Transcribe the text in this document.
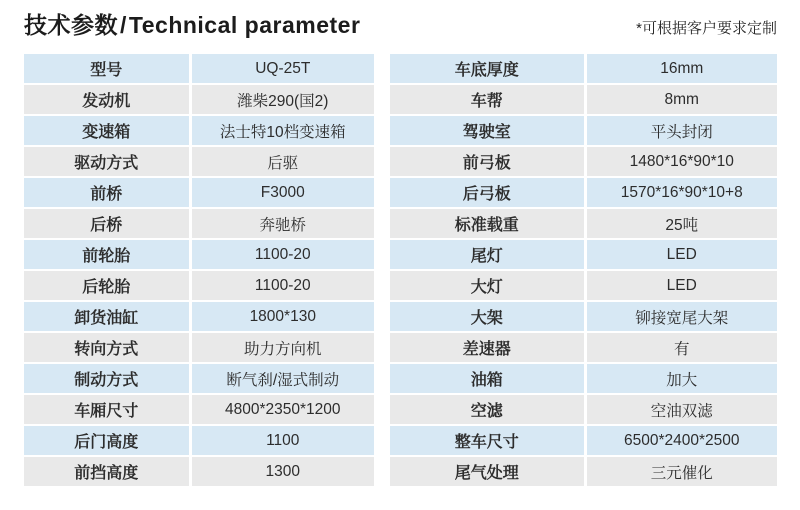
技术参数/Technical parameter	*可根据客户要求定制
型号	UQ-25T
发动机	潍柴290(国2)
变速箱	法士特10档变速箱
驱动方式	后驱
前桥	F3000
后桥	奔驰桥
前轮胎	1100-20
后轮胎	1100-20
卸货油缸	1800*130
转向方式	助力方向机
制动方式	断气刹/湿式制动
车厢尺寸	4800*2350*1200
后门高度	1100
前挡高度	1300
车底厚度	16mm
车帮	8mm
驾驶室	平头封闭
前弓板	1480*16*90*10
后弓板	1570*16*90*10+8
标准载重	25吨
尾灯	LED
大灯	LED
大架	铆接宽尾大架
差速器	有
油箱	加大
空滤	空油双滤
整车尺寸	6500*2400*2500
尾气处理	三元催化
